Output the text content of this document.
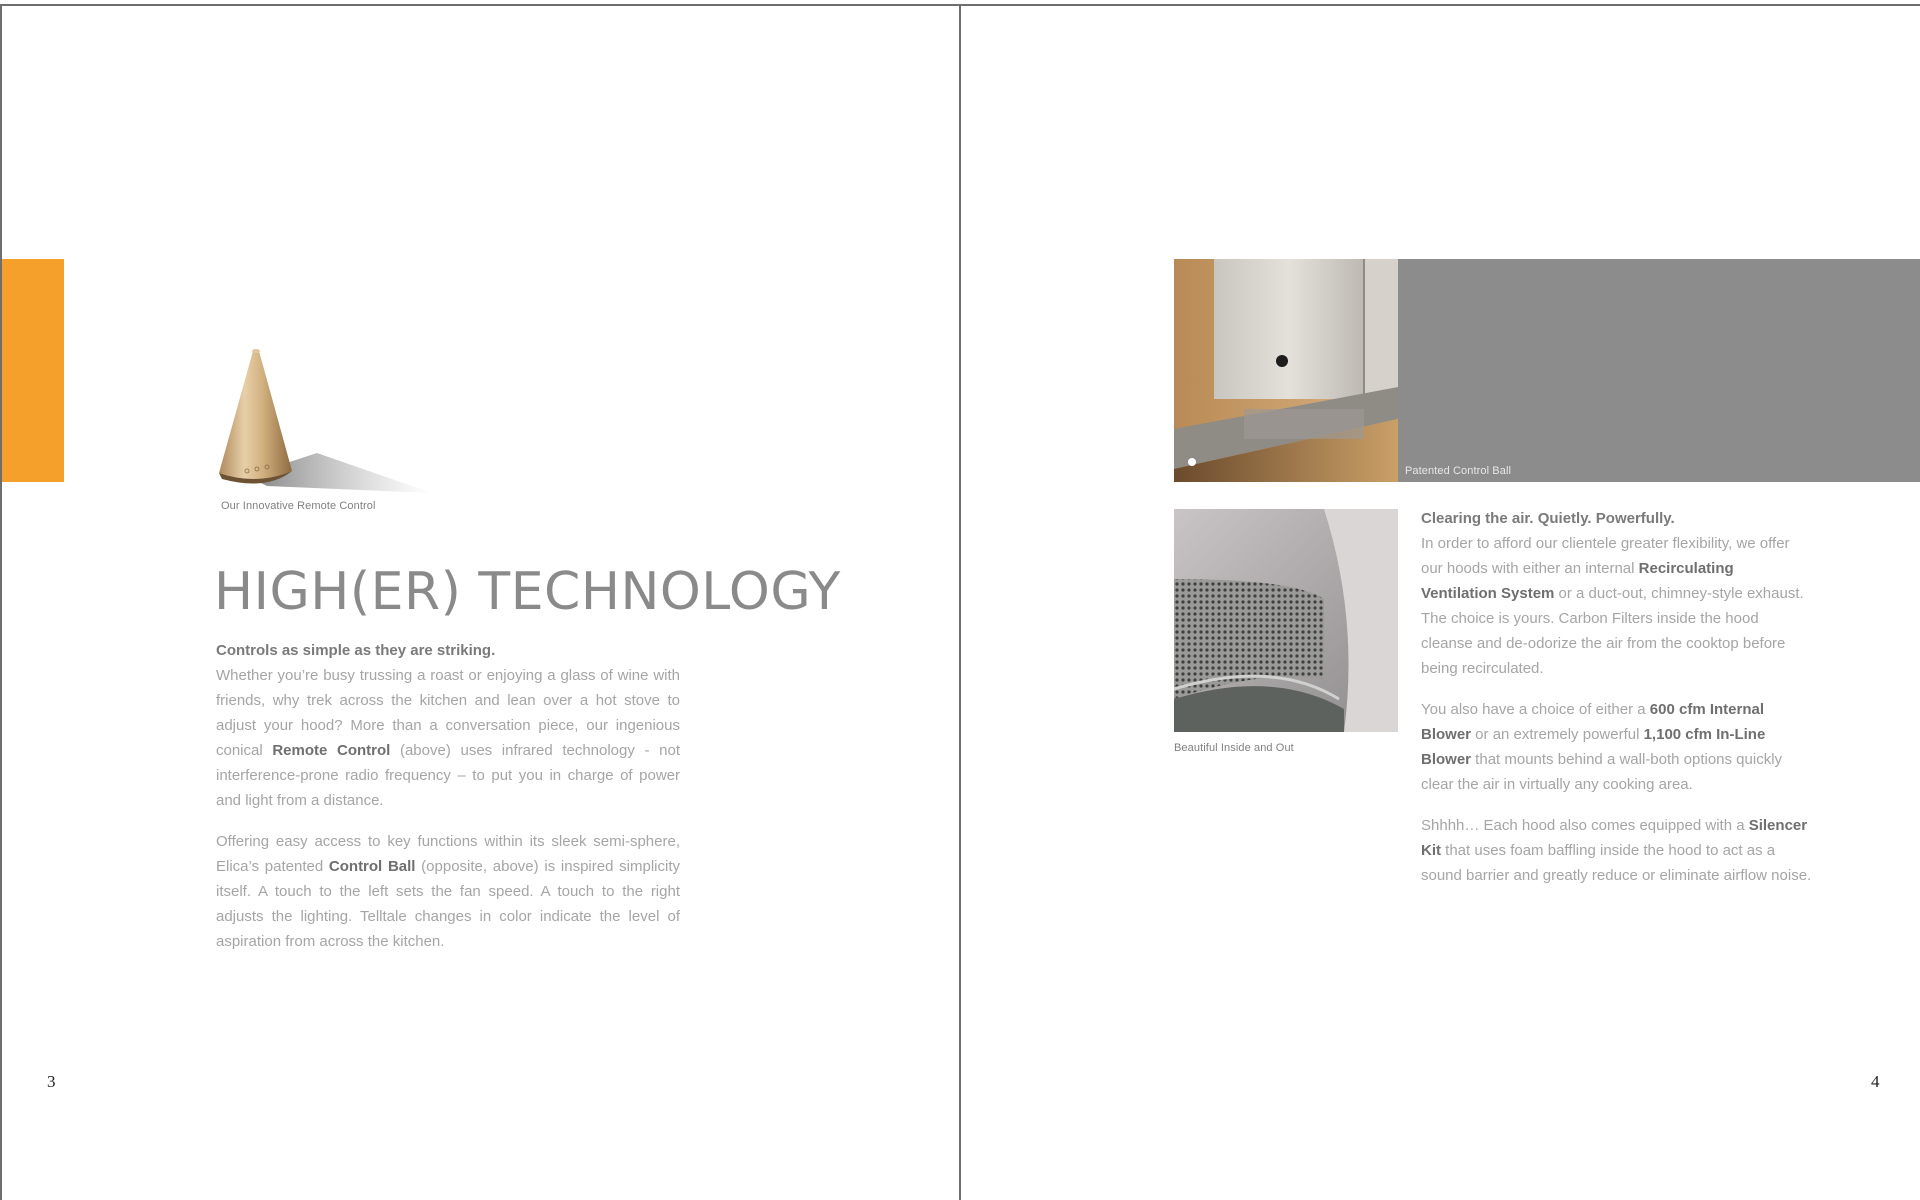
Our Innovative Remote Control
HIGH(ER) TECHNOLOGY
Controls as simple as they are striking.

Whether you’re busy trussing a roast or enjoying a glass of wine with friends, why trek across the kitchen and lean over a hot stove to adjust your hood? More than a conversation piece, our ingenious conical Remote Control (above) uses infrared technology - not interference-prone radio frequency – to put you in charge of power and light from a distance.

Offering easy access to key functions within its sleek semi-sphere, Elica’s patented Control Ball (opposite, above) is inspired simplicity itself. A touch to the left sets the fan speed. A touch to the right adjusts the lighting. Telltale changes in color indicate the level of aspiration from across the kitchen.

3
Patented Control Ball
Beautiful Inside and Out
Clearing the air. Quietly. Powerfully.

In order to afford our clientele greater flexibility, we offer our hoods with either an internal Recirculating Ventilation System or a duct-out, chimney-style exhaust. The choice is yours. Carbon Filters inside the hood cleanse and de-odorize the air from the cooktop before being recirculated.

You also have a choice of either a 600 cfm Internal Blower or an extremely powerful 1,100 cfm In-Line Blower that mounts behind a wall-both options quickly clear the air in virtually any cooking area.

Shhhh… Each hood also comes equipped with a Silencer Kit that uses foam baffling inside the hood to act as a sound barrier and greatly reduce or eliminate airflow noise.

4
